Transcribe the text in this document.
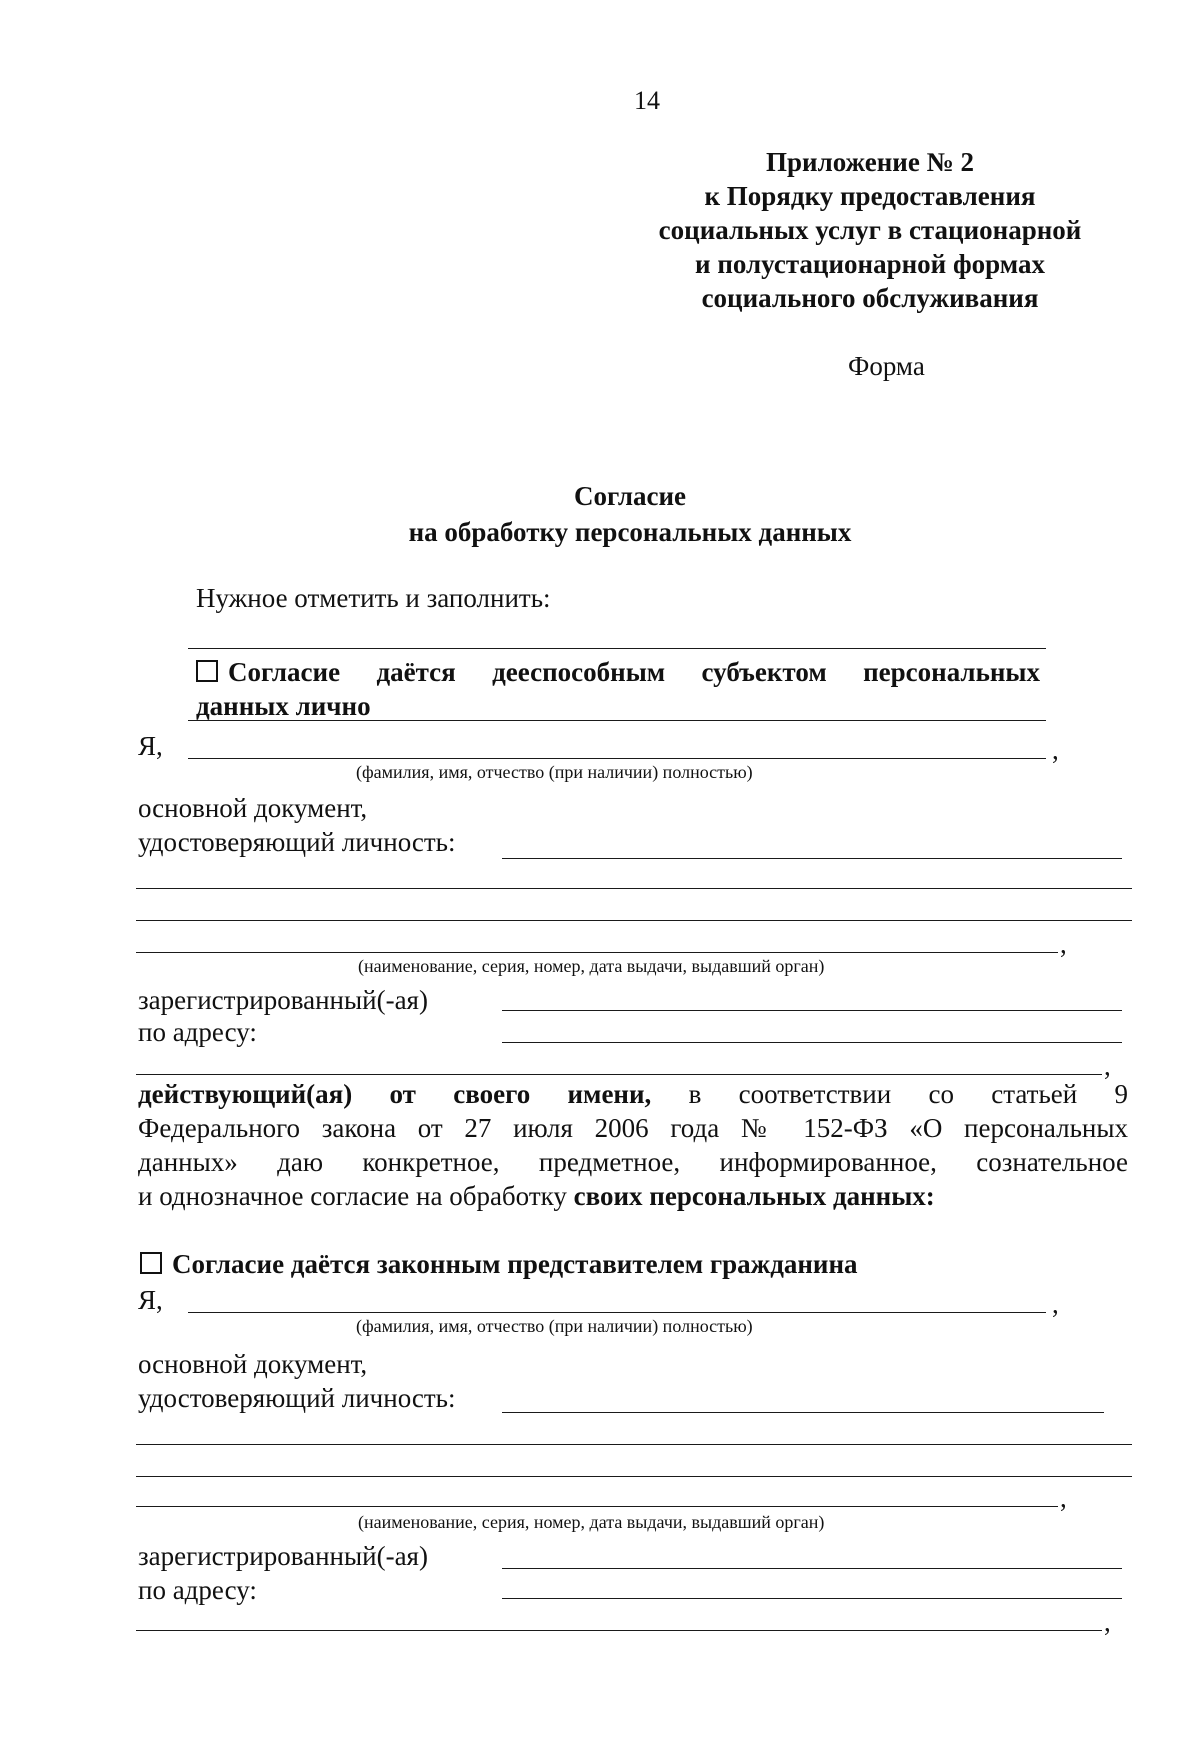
14
Приложение № 2
к Порядку предоставления
социальных услуг в стационарной
и полустационарной формах
социального обслуживания
Форма
Согласие
на обработку персональных данных
Нужное отметить и заполнить:
Согласие даётся дееспособным субъектом персональных
данных лично
Я,	,
(фамилия, имя, отчество (при наличии) полностью)
основной документ,
удостоверяющий личность:
,
(наименование, серия, номер, дата выдачи, выдавший орган)
зарегистрированный(-ая)
по адресу:
,
действующий(ая) от своего имени, в соответствии со статьей 9
Федерального закона от 27 июля 2006 года № 152-ФЗ «О персональных
данных» даю конкретное, предметное, информированное, сознательное
и однозначное согласие на обработку своих персональных данных:
Согласие даётся законным представителем гражданина
Я,	,
(фамилия, имя, отчество (при наличии) полностью)
основной документ,
удостоверяющий личность:
,
(наименование, серия, номер, дата выдачи, выдавший орган)
зарегистрированный(-ая)
по адресу:
,
